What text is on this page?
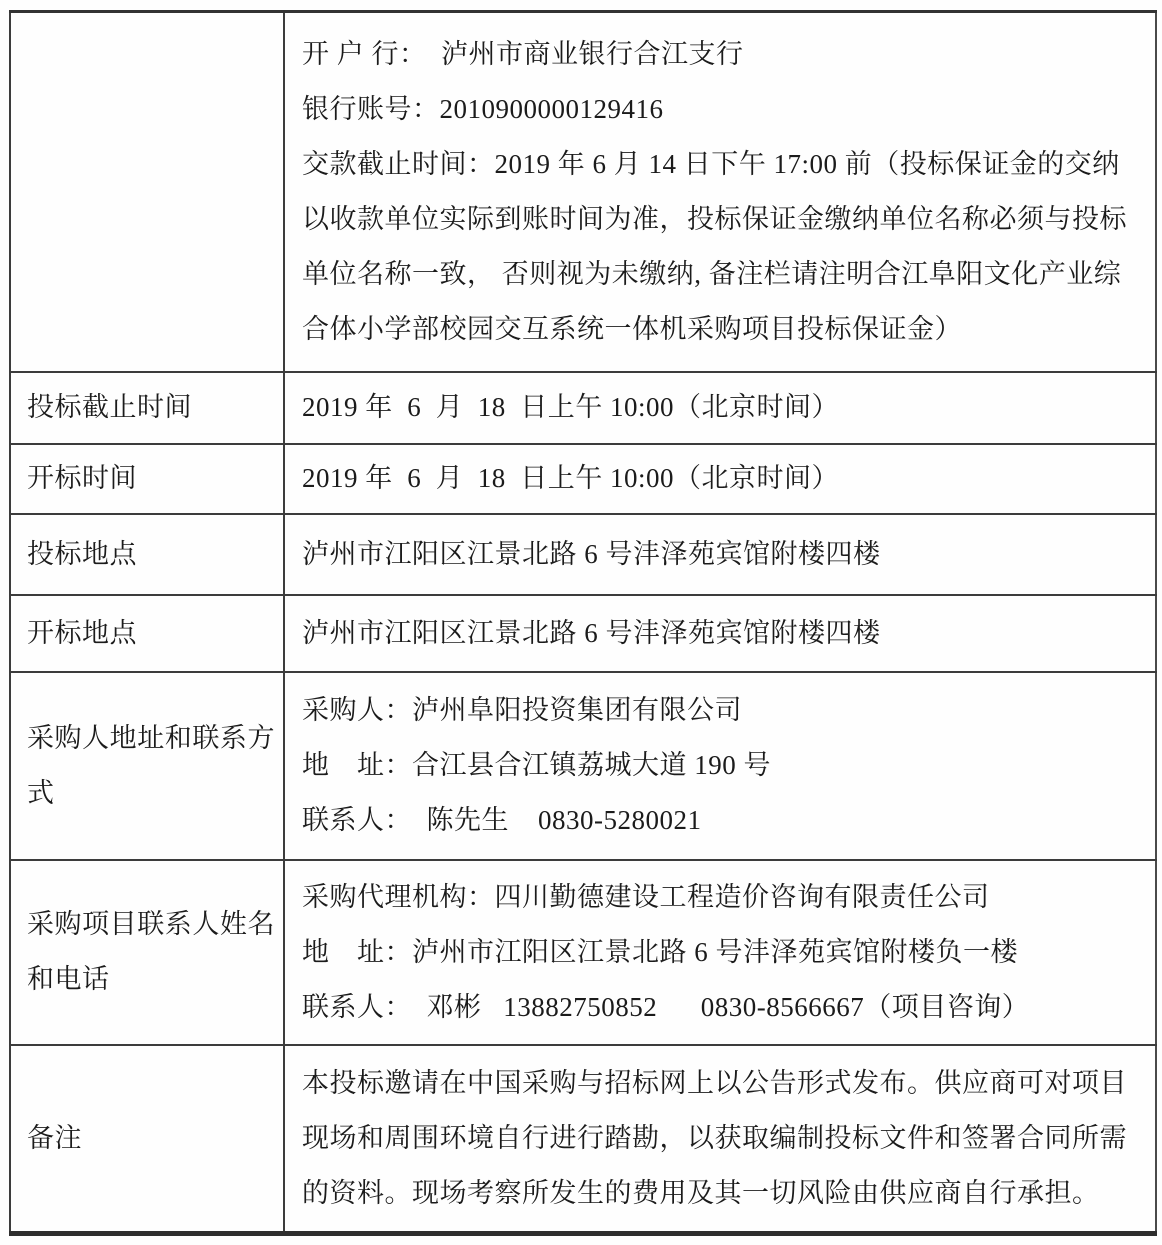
开 户 行：  泸州市商业银行合江支行
银行账号：2010900000129416
交款截止时间：2019 年 6 月 14 日下午 17:00 前（投标保证金的交纳
以收款单位实际到账时间为准，投标保证金缴纳单位名称必须与投标
单位名称一致， 否则视为未缴纳, 备注栏请注明合江阜阳文化产业综
合体小学部校园交互系统一体机采购项目投标保证金）

投标截止时间	2019 年  6  月  18  日上午 10:00（北京时间）

开标时间	2019 年  6  月  18  日上午 10:00（北京时间）

投标地点	泸州市江阳区江景北路 6 号沣泽苑宾馆附楼四楼

开标地点	泸州市江阳区江景北路 6 号沣泽苑宾馆附楼四楼

采购人地址和联系方式	采购人：泸州阜阳投资集团有限公司
地　址：合江县合江镇荔城大道 190 号
联系人：  陈先生    0830-5280021

采购项目联系人姓名和电话	采购代理机构：四川勤德建设工程造价咨询有限责任公司
地　址：泸州市江阳区江景北路 6 号沣泽苑宾馆附楼负一楼
联系人：  邓彬   13882750852      0830-8566667（项目咨询）

备注	本投标邀请在中国采购与招标网上以公告形式发布。供应商可对项目
现场和周围环境自行进行踏勘，以获取编制投标文件和签署合同所需
的资料。现场考察所发生的费用及其一切风险由供应商自行承担。
